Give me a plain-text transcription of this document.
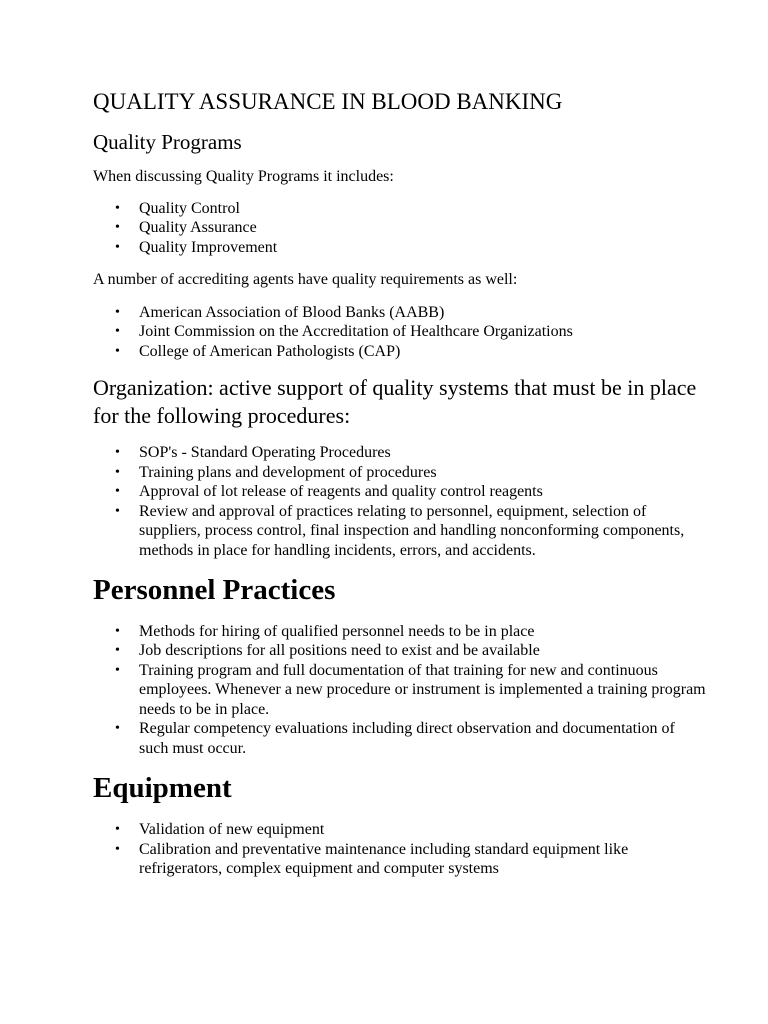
QUALITY ASSURANCE IN BLOOD BANKING
Quality Programs

When discussing Quality Programs it includes:

• Quality Control
• Quality Assurance
• Quality Improvement

A number of accrediting agents have quality requirements as well:

• American Association of Blood Banks (AABB)
• Joint Commission on the Accreditation of Healthcare Organizations
• College of American Pathologists (CAP)
Organization: active support of quality systems that must be in place for the following procedures:
• SOP's - Standard Operating Procedures
• Training plans and development of procedures
• Approval of lot release of reagents and quality control reagents
• Review and approval of practices relating to personnel, equipment, selection of suppliers, process control, final inspection and handling nonconforming components, methods in place for handling incidents, errors, and accidents.
Personnel Practices
• Methods for hiring of qualified personnel needs to be in place
• Job descriptions for all positions need to exist and be available
• Training program and full documentation of that training for new and continuous employees. Whenever a new procedure or instrument is implemented a training program needs to be in place.
• Regular competency evaluations including direct observation and documentation of such must occur.
Equipment
• Validation of new equipment
• Calibration and preventative maintenance including standard equipment like refrigerators, complex equipment and computer systems
